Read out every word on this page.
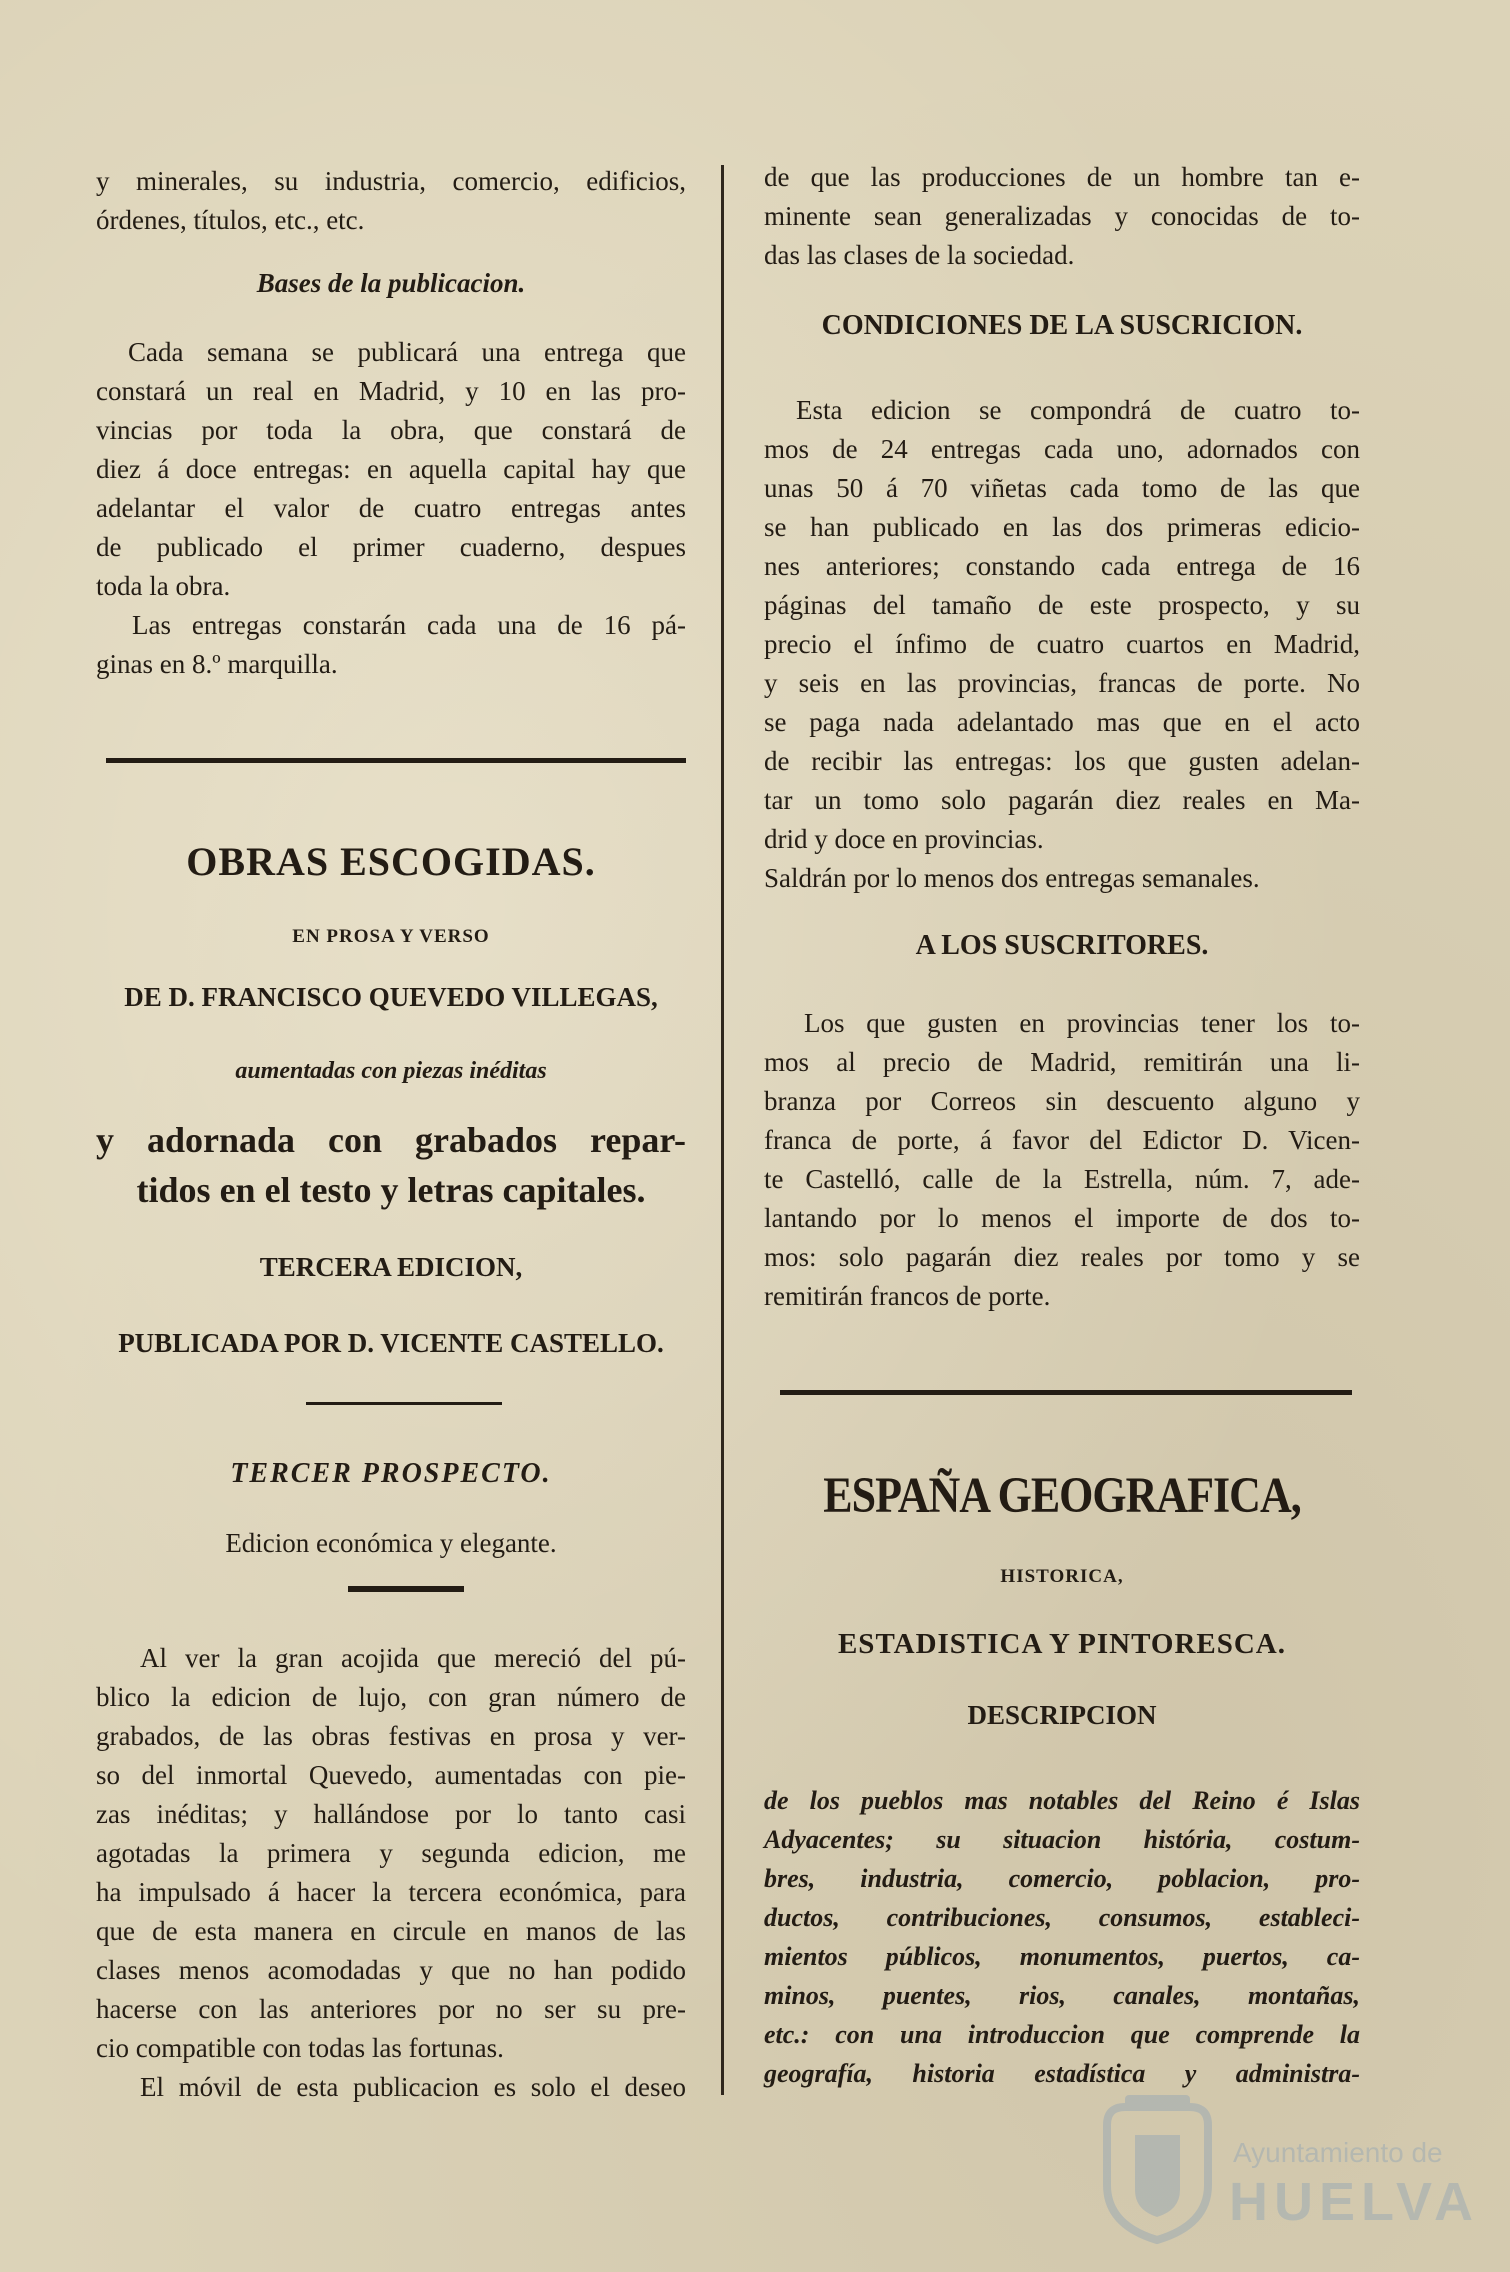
y minerales, su industria, comercio, edificios,
órdenes, títulos, etc., etc.

Bases de la publicacion.

Cada semana se publicará una entrega que
constará un real en Madrid, y 10 en las pro-
vincias por toda la obra, que constará de
diez á doce entregas: en aquella capital hay que
adelantar el valor de cuatro entregas antes
de publicado el primer cuaderno, despues
toda la obra.
Las entregas constarán cada una de 16 pá-
ginas en 8.º marquilla.

OBRAS ESCOGIDAS.

EN PROSA Y VERSO

DE D. FRANCISCO QUEVEDO VILLEGAS,

aumentadas con piezas inéditas

y adornada con grabados repar-
tidos en el testo y letras capitales.

TERCERA EDICION,

PUBLICADA POR D. VICENTE CASTELLO.

TERCER PROSPECTO.

Edicion económica y elegante.

Al ver la gran acojida que mereció del pú-
blico la edicion de lujo, con gran número de
grabados, de las obras festivas en prosa y ver-
so del inmortal Quevedo, aumentadas con pie-
zas inéditas; y hallándose por lo tanto casi
agotadas la primera y segunda edicion, me
ha impulsado á hacer la tercera económica, para
que de esta manera en circule en manos de las
clases menos acomodadas y que no han podido
hacerse con las anteriores por no ser su pre-
cio compatible con todas las fortunas.
El móvil de esta publicacion es solo el deseo
de que las producciones de un hombre tan e-
minente sean generalizadas y conocidas de to-
das las clases de la sociedad.

CONDICIONES DE LA SUSCRICION.

Esta edicion se compondrá de cuatro to-
mos de 24 entregas cada uno, adornados con
unas 50 á 70 viñetas cada tomo de las que
se han publicado en las dos primeras edicio-
nes anteriores; constando cada entrega de 16
páginas del tamaño de este prospecto, y su
precio el ínfimo de cuatro cuartos en Madrid,
y seis en las provincias, francas de porte. No
se paga nada adelantado mas que en el acto
de recibir las entregas: los que gusten adelan-
tar un tomo solo pagarán diez reales en Ma-
drid y doce en provincias.
Saldrán por lo menos dos entregas semanales.

A LOS SUSCRITORES.

Los que gusten en provincias tener los to-
mos al precio de Madrid, remitirán una li-
branza por Correos sin descuento alguno y
franca de porte, á favor del Edictor D. Vicen-
te Castelló, calle de la Estrella, núm. 7, ade-
lantando por lo menos el importe de dos to-
mos: solo pagarán diez reales por tomo y se
remitirán francos de porte.

ESPAÑA GEOGRAFICA,

HISTORICA,

ESTADISTICA Y PINTORESCA.

DESCRIPCION

de los pueblos mas notables del Reino é Islas
Adyacentes; su situacion história, costum-
bres, industria, comercio, poblacion, pro-
ductos, contribuciones, consumos, estableci-
mientos públicos, monumentos, puertos, ca-
minos, puentes, rios, canales, montañas,
etc.: con una introduccion que comprende la
geografía, historia estadística y administra-
Ayuntamiento de
HUELVA
